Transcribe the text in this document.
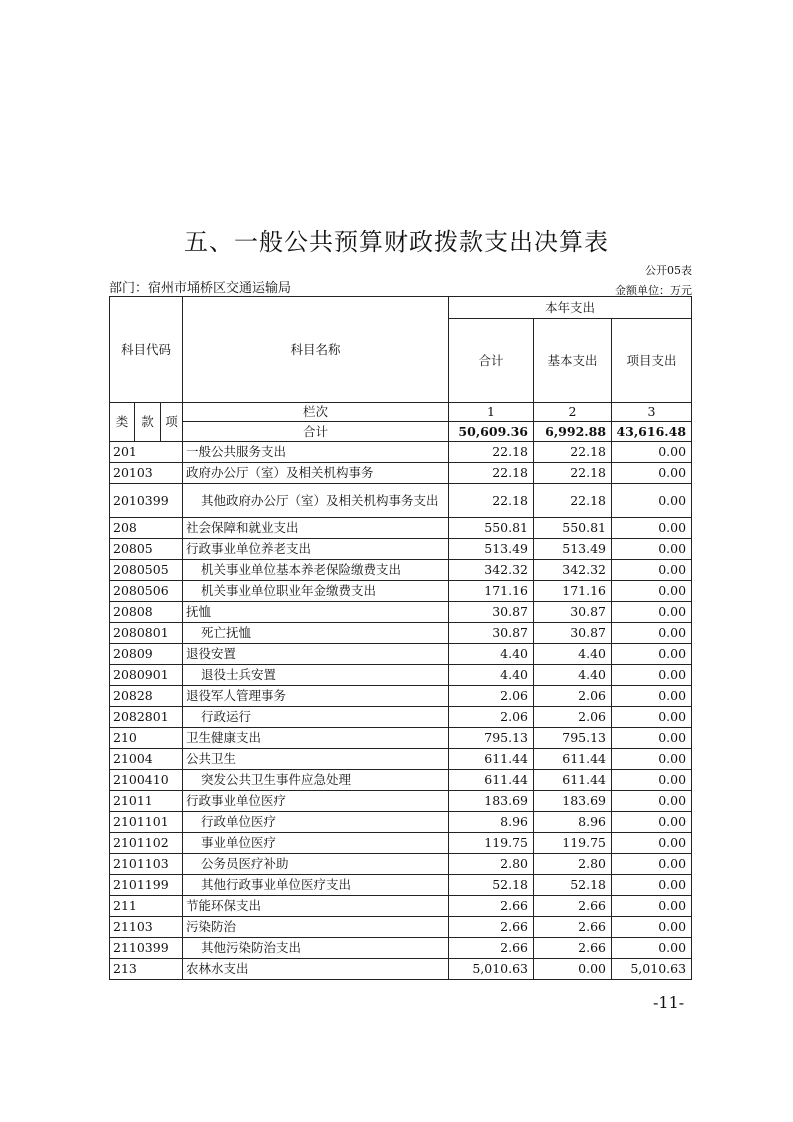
五、一般公共预算财政拨款支出决算表
公开05表
部门：宿州市埇桥区交通运输局	金额单位：万元
科目代码			科目名称	本年支出		
				合计	基本支出	项目支出

类	款	项	栏次	1	2	3
			合计	50,609.36	6,992.88	43,616.48
201			一般公共服务支出	22.18	22.18	0.00
20103			政府办公厅（室）及相关机构事务	22.18	22.18	0.00
2010399			其他政府办公厅（室）及相关机构事务支出	22.18	22.18	0.00
208			社会保障和就业支出	550.81	550.81	0.00
20805			行政事业单位养老支出	513.49	513.49	0.00
2080505			机关事业单位基本养老保险缴费支出	342.32	342.32	0.00
2080506			机关事业单位职业年金缴费支出	171.16	171.16	0.00
20808			抚恤	30.87	30.87	0.00
2080801			死亡抚恤	30.87	30.87	0.00
20809			退役安置	4.40	4.40	0.00
2080901			退役士兵安置	4.40	4.40	0.00
20828			退役军人管理事务	2.06	2.06	0.00
2082801			行政运行	2.06	2.06	0.00
210			卫生健康支出	795.13	795.13	0.00
21004			公共卫生	611.44	611.44	0.00
2100410			突发公共卫生事件应急处理	611.44	611.44	0.00
21011			行政事业单位医疗	183.69	183.69	0.00
2101101			行政单位医疗	8.96	8.96	0.00
2101102			事业单位医疗	119.75	119.75	0.00
2101103			公务员医疗补助	2.80	2.80	0.00
2101199			其他行政事业单位医疗支出	52.18	52.18	0.00
211			节能环保支出	2.66	2.66	0.00
21103			污染防治	2.66	2.66	0.00
2110399			其他污染防治支出	2.66	2.66	0.00
213			农林水支出	5,010.63	0.00	5,010.63
-11-
